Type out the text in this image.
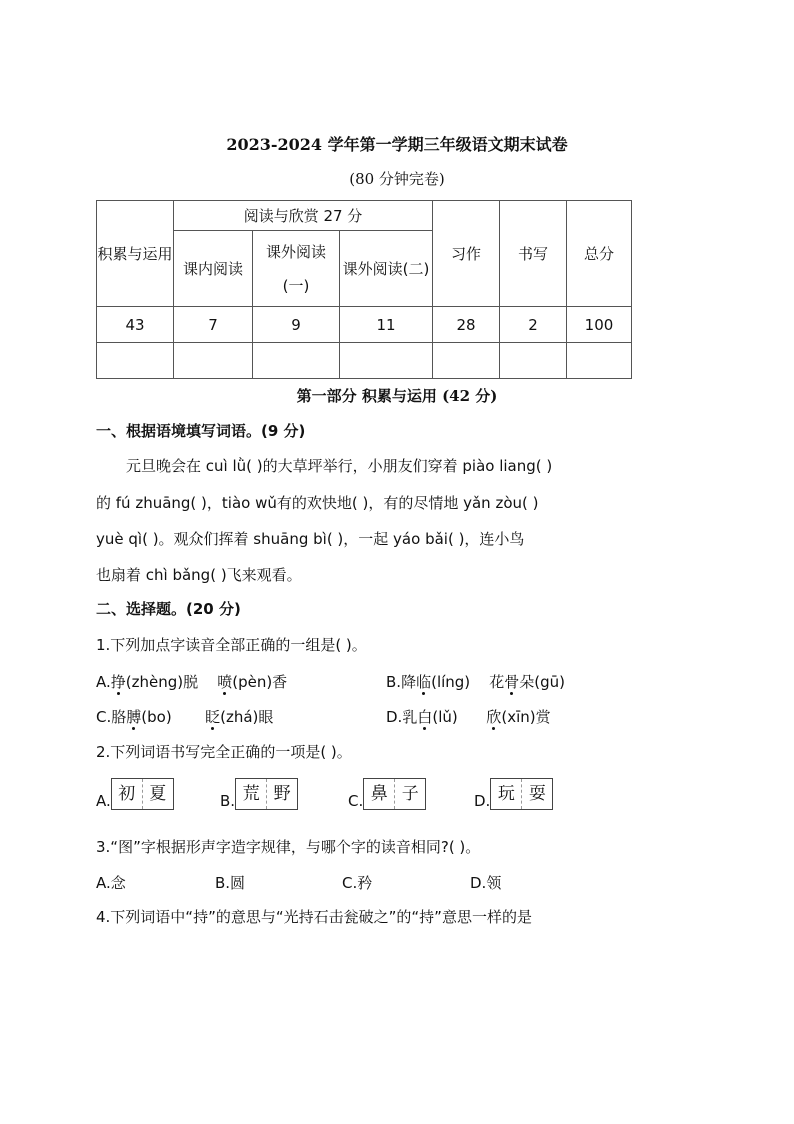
2023-2024 学年第一学期三年级语文期末试卷
(80 分钟完卷)
积累与运用	阅读与欣赏 27 分			习作	书写	总分
	课内阅读	课外阅读(一)	课外阅读(二)			

43	7	9	11	28	2	100

第一部分 积累与运用 (42 分)
一、根据语境填写词语。(9 分)
元旦晚会在 cuì lǜ( )的大草坪举行，小朋友们穿着 piào liang( )
的 fú zhuāng( )，tiào wǔ有的欢快地( )，有的尽情地 yǎn zòu( )
yuè qì( )。观众们挥着 shuāng bì( )，一起 yáo bǎi( )，连小鸟
也扇着 chì bǎng( )飞来观看。
二、选择题。(20 分)
1.下列加点字读音全部正确的一组是( )。
A.挣(zhèng)脱 喷(pèn)香	B.降临(líng) 花骨朵(gū)
C.胳膊(bo) 眨(zhá)眼	D.乳白(lǔ) 欣(xīn)赏
2.下列词语书写完全正确的一项是( )。
A. 初 夏	B. 荒 野	C. 鼻 子	D. 玩 耍
3.“图”字根据形声字造字规律，与哪个字的读音相同?( )。
A.念	B.圆	C.矜	D.领
4.下列词语中“持”的意思与“光持石击瓮破之”的“持”意思一样的是
